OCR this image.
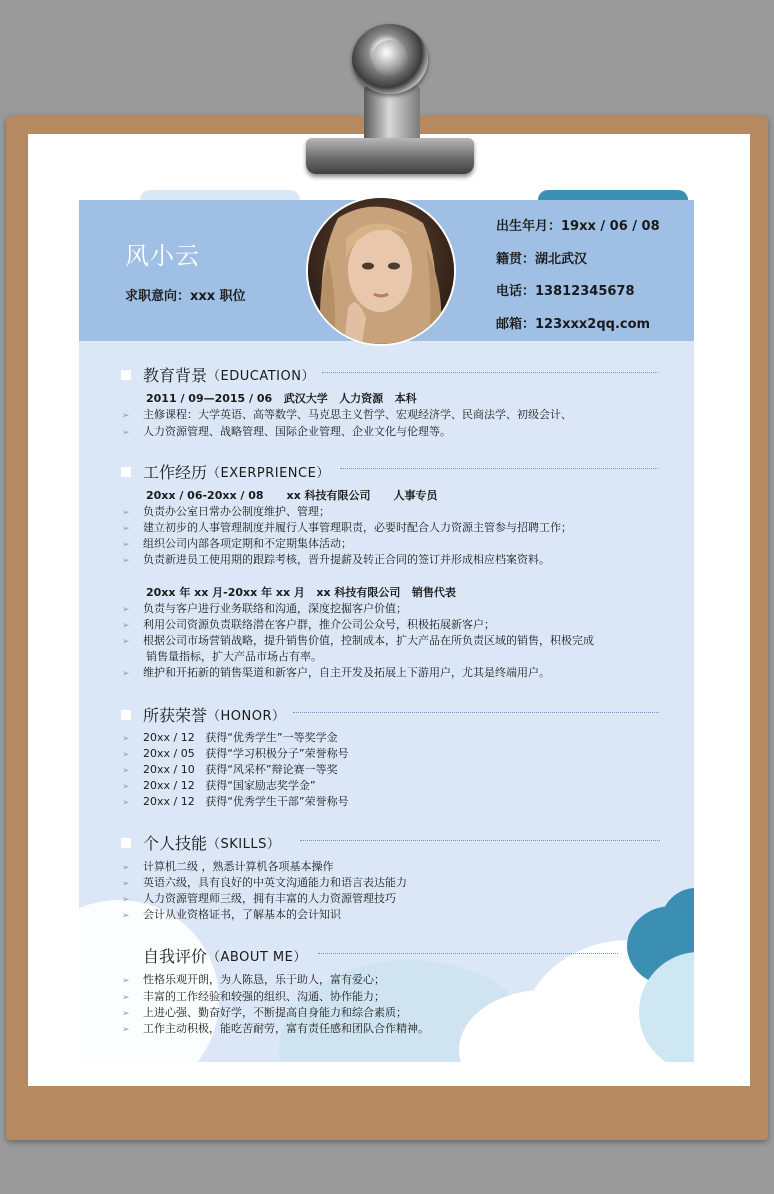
风小云
求职意向：xxx 职位
出生年月：19xx / 06 / 08
籍贯：湖北武汉
电话：13812345678
邮箱：123xxx2qq.com
教育背景 （EDUCATION）
2011 / 09—2015 / 06   武汉大学   人力资源   本科
➢ 主修课程：大学英语、高等数学、马克思主义哲学、宏观经济学、民商法学、初级会计、
➢ 人力资源管理、战略管理、国际企业管理、企业文化与伦理等。
工作经历 （EXERPRIENCE）
20xx / 06-20xx / 08      xx 科技有限公司      人事专员
➢ 负责办公室日常办公制度维护、管理；
➢ 建立初步的人事管理制度并履行人事管理职责，必要时配合人力资源主管参与招聘工作；
➢ 组织公司内部各项定期和不定期集体活动；
➢ 负责新进员工使用期的跟踪考核，晋升提薪及转正合同的签订并形成相应档案资料。
20xx 年 xx 月-20xx 年 xx 月   xx 科技有限公司   销售代表
➢ 负责与客户进行业务联络和沟通，深度挖掘客户价值；
➢ 利用公司资源负责联络潜在客户群，推介公司公众号，积极拓展新客户；
➢ 根据公司市场营销战略，提升销售价值，控制成本，扩大产品在所负责区域的销售，积极完成
销售量指标，扩大产品市场占有率。
➢ 维护和开拓新的销售渠道和新客户，自主开发及拓展上下游用户，尤其是终端用户。
所获荣誉 （HONOR）
➢ 20xx / 12   获得“优秀学生”一等奖学金
➢ 20xx / 05   获得“学习积极分子”荣誉称号
➢ 20xx / 10   获得“风采杯”辩论赛一等奖
➢ 20xx / 12   获得“国家励志奖学金”
➢ 20xx / 12   获得“优秀学生干部”荣誉称号
个人技能 （SKILLS）
➢ 计算机二级 ，熟悉计算机各项基本操作
➢ 英语六级，具有良好的中英文沟通能力和语言表达能力
➢ 人力资源管理师三级，拥有丰富的人力资源管理技巧
➢ 会计从业资格证书，了解基本的会计知识
自我评价 （ABOUT ME）
➢ 性格乐观开朗，为人陈恳，乐于助人，富有爱心；
➢ 丰富的工作经验和较强的组织、沟通、协作能力；
➢ 上进心强、勤奋好学，不断提高自身能力和综合素质；
➢ 工作主动积极，能吃苦耐劳，富有责任感和团队合作精神。
